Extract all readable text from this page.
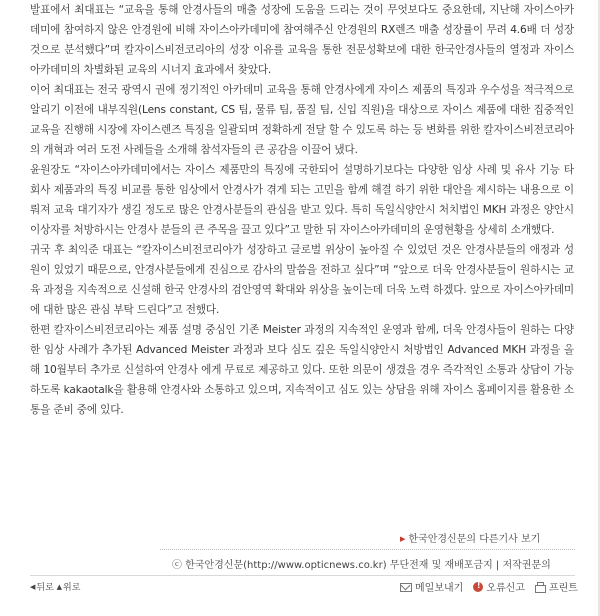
발표에서 최대표는 “교육을 통해 안경사들의 매출 성장에 도움을 드리는 것이 무엇보다도 중요한데, 지난해 자이스아카데미에 참여하지 않은 안경원에 비해 자이스아카데미에 참여해주신 안경원의 RX렌즈 매출 성장률이 무려 4.6배 더 성장 것으로 분석했다”며 칼자이스비전코리아의 성장 이유를 교육을 통한 전문성확보에 대한 한국안경사들의 열정과 자이스아카데미의 차별화된 교육의 시너지 효과에서 찾았다.

이어 최대표는 전국 광역시 권에 정기적인 아카데미 교육을 통해 안경사에게 자이스 제품의 특징과 우수성을 적극적으로 알리기 이전에 내부직원(Lens constant, CS 팀, 물류 팀, 품질 팀, 신입 직원)을 대상으로 자이스 제품에 대한 집중적인 교육을 진행해 시장에 자이스렌즈 특징을 일괄되며 정확하게 전달 할 수 있도록 하는 등 변화를 위한 칼자이스비전코리아의 개혁과 여러 도전 사례들을 소개해 참석자들의 큰 공감을 이끌어 냈다.

윤원장도 “자이스아카데미에서는 자이스 제품만의 특징에 국한되어 설명하기보다는 다양한 임상 사례 및 유사 기능 타 회사 제품과의 특징 비교를 통한 임상에서 안경사가 겪게 되는 고민을 함께 해결 하기 위한 대안을 제시하는 내용으로 이뤄져 교육 대기자가 생길 정도로 많은 안경사분들의 관심을 받고 있다. 특히 독일식양안시 처치법인 MKH 과정은 양안시이상자를 처방하시는 안경사 분들의 큰 주목을 끌고 있다”고 말한 뒤 자이스아카데미의 운영현황을 상세히 소개했다.

귀국 후 최익준 대표는 “칼자이스비전코리아가 성장하고 글로벌 위상이 높아질 수 있었던 것은 안경사분들의 애정과 성원이 있었기 때문으로, 안경사분들에게 진심으로 감사의 말씀을 전하고 싶다”며 “앞으로 더욱 안경사분들이 원하시는 교육 과정을 지속적으로 신설해 한국 안경사의 검안영역 확대와 위상을 높이는데 더욱 노력 하겠다. 앞으로 자이스아카데미에 대한 많은 관심 부탁 드린다”고 전했다.

한편 칼자이스비전코리아는 제품 설명 중심인 기존 Meister 과정의 지속적인 운영과 함께, 더욱 안경사들이 원하는 다양한 임상 사례가 추가된 Advanced Meister 과정과 보다 심도 깊은 독일식양안시 처방법인 Advanced MKH 과정을 올해 10월부터 추가로 신설하여 안경사 에게 무료로 제공하고 있다. 또한 의문이 생겼을 경우 즉각적인 소통과 상담이 가능하도록 kakaotalk을 활용해 안경사와 소통하고 있으며, 지속적이고 심도 있는 상담을 위해 자이스 홈페이지를 활용한 소통을 준비 중에 있다.

▶ 한국안경신문의 다른기사 보기
ⓒ 한국안경신문(http://www.opticnews.co.kr) 무단전재 및 재배포금지 | 저작권문의
◀뒤로 ▲위로	메일보내기
! 오류신고 프린트
